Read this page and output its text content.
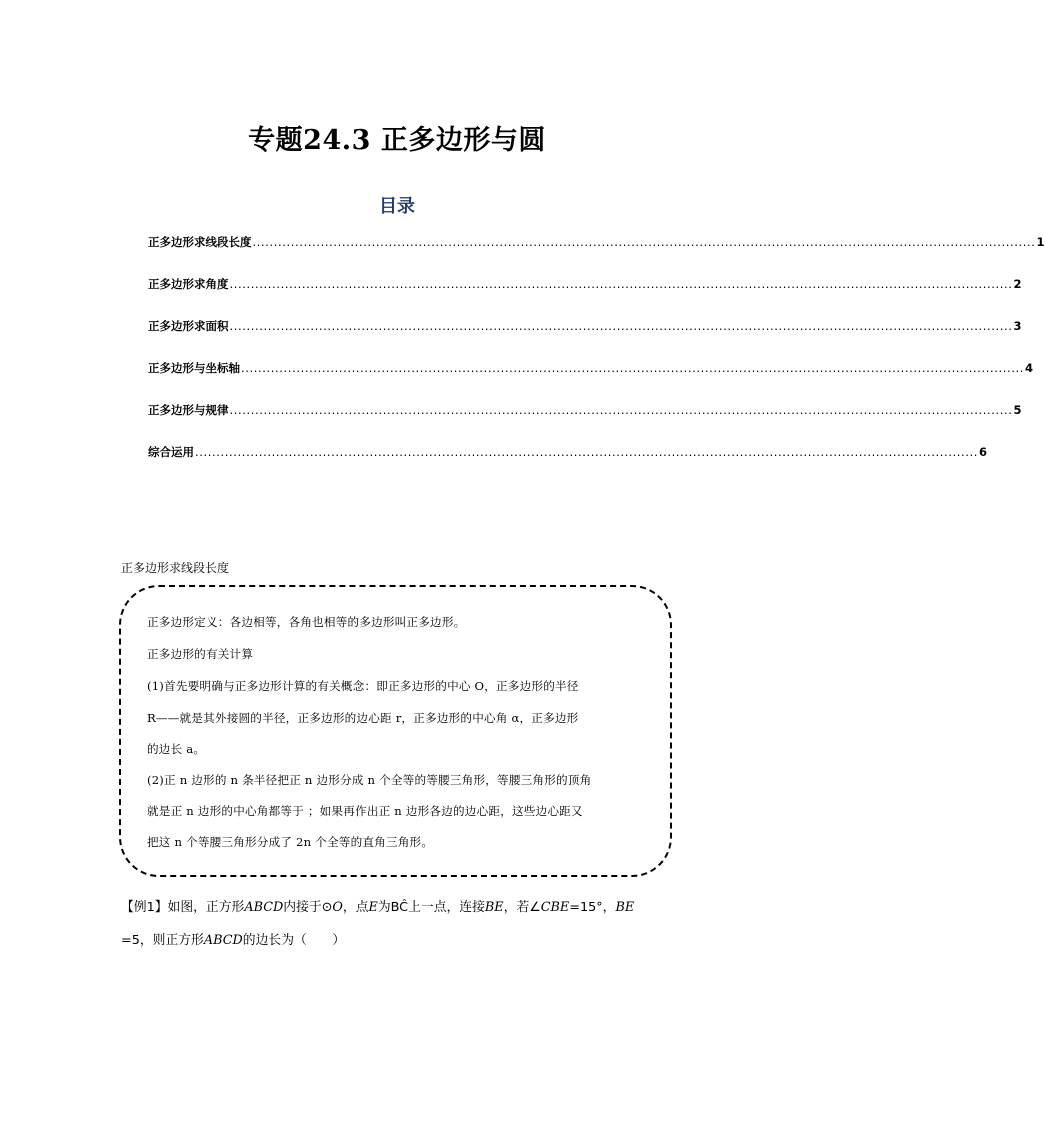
专题24.3 正多边形与圆
目录
正多边形求线段长度 ........................................................................................................................................................................................ 1
正多边形求角度 ........................................................................................................................................................................................ 2
正多边形求面积 ........................................................................................................................................................................................ 3
正多边形与坐标轴 ........................................................................................................................................................................................ 4
正多边形与规律 ........................................................................................................................................................................................ 5
综合运用 ........................................................................................................................................................................................ 6
正多边形求线段长度
正多边形定义：各边相等，各角也相等的多边形叫正多边形。
正多边形的有关计算
(1)首先要明确与正多边形计算的有关概念：即正多边形的中心 O，正多边形的半径
R——就是其外接圆的半径，正多边形的边心距 r，正多边形的中心角 α，正多边形
的边长 a。
(2)正 n 边形的 n 条半径把正 n 边形分成 n 个全等的等腰三角形，等腰三角形的顶角
就是正 n 边形的中心角都等于 ；如果再作出正 n 边形各边的边心距，这些边心距又
把这 n 个等腰三角形分成了 2n 个全等的直角三角形。
【例1】如图，正方形ABCD内接于⊙O，点E为BĈ上一点，连接BE，若∠CBE=15°，BE
=5，则正方形ABCD的边长为（　　）
